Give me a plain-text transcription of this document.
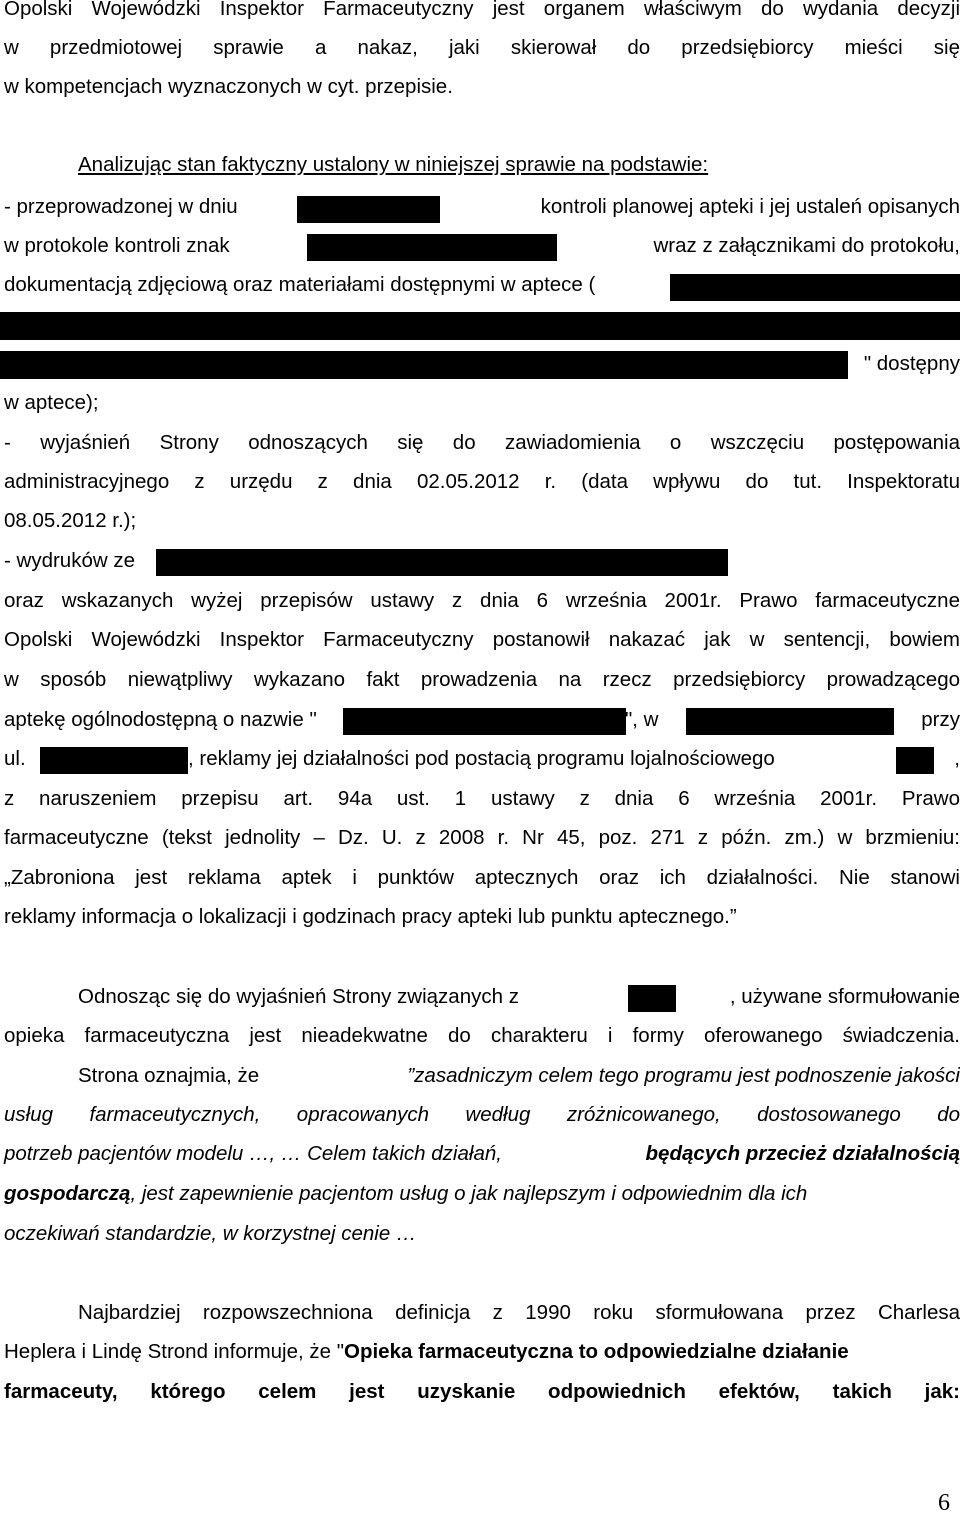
Opolski Wojewódzki Inspektor Farmaceutyczny jest organem właściwym do wydania decyzji
w przedmiotowej sprawie a nakaz, jaki skierował do przedsiębiorcy mieści się
w kompetencjach wyznaczonych w cyt. przepisie.
Analizując stan faktyczny ustalony w niniejszej sprawie na podstawie:
- przeprowadzonej w dniu	kontroli planowej apteki i jej ustaleń opisanych
w protokole kontroli znak	wraz z załącznikami do protokołu,
dokumentacją zdjęciową oraz materiałami dostępnymi w aptece (
" dostępny
w aptece);
- wyjaśnień Strony odnoszących się do zawiadomienia o wszczęciu postępowania
administracyjnego z urzędu z dnia 02.05.2012 r. (data wpływu do tut. Inspektoratu
08.05.2012 r.);
- wydruków ze
oraz wskazanych wyżej przepisów ustawy z dnia 6 września 2001r. Prawo farmaceutyczne
Opolski Wojewódzki Inspektor Farmaceutyczny postanowił nakazać jak w sentencji, bowiem
w sposób niewątpliwy wykazano fakt prowadzenia na rzecz przedsiębiorcy prowadzącego
aptekę ogólnodostępną o nazwie "	", w	przy
ul.	, reklamy jej działalności pod postacią programu lojalnościowego	,
z naruszeniem przepisu art. 94a ust. 1 ustawy z dnia 6 września 2001r. Prawo
farmaceutyczne (tekst jednolity – Dz. U. z 2008 r. Nr 45, poz. 271 z późn. zm.) w brzmieniu:
„Zabroniona jest reklama aptek i punktów aptecznych oraz ich działalności. Nie stanowi
reklamy informacja o lokalizacji i godzinach pracy apteki lub punktu aptecznego.”
Odnosząc się do wyjaśnień Strony związanych z	, używane sformułowanie
opieka farmaceutyczna jest nieadekwatne do charakteru i formy oferowanego świadczenia.
Strona oznajmia, że	”zasadniczym celem tego programu jest podnoszenie jakości
usług farmaceutycznych, opracowanych według zróżnicowanego, dostosowanego do
potrzeb pacjentów modelu …, … Celem takich działań,	będących przecież działalnością
gospodarczą, jest zapewnienie pacjentom usług o jak najlepszym i odpowiednim dla ich
oczekiwań standardzie, w korzystnej cenie …
Najbardziej rozpowszechniona definicja z 1990 roku sformułowana przez Charlesa
Heplera i Lindę Strond informuje, że "Opieka farmaceutyczna to odpowiedzialne działanie
farmaceuty, którego celem jest uzyskanie odpowiednich efektów, takich jak:
6
